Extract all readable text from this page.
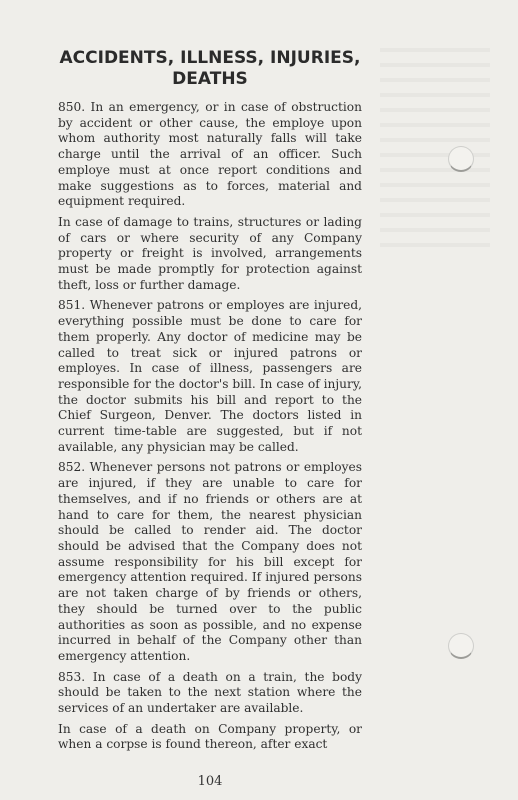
ACCIDENTS, ILLNESS, INJURIES,
DEATHS

850. In an emergency, or in case of obstruction by accident or other cause, the employe upon whom authority most naturally falls will take charge until the arrival of an officer. Such employe must at once report conditions and make suggestions as to forces, material and equipment required.

In case of damage to trains, structures or lading of cars or where security of any Company property or freight is involved, arrangements must be made promptly for protection against theft, loss or further damage.

851. Whenever patrons or employes are injured, everything possible must be done to care for them properly. Any doctor of medicine may be called to treat sick or injured patrons or employes. In case of illness, passengers are responsible for the doctor's bill. In case of injury, the doctor submits his bill and report to the Chief Surgeon, Denver. The doctors listed in current time-table are suggested, but if not available, any physician may be called.

852. Whenever persons not patrons or employes are injured, if they are unable to care for themselves, and if no friends or others are at hand to care for them, the nearest physician should be called to render aid. The doctor should be advised that the Company does not assume responsibility for his bill except for emergency attention required. If injured persons are not taken charge of by friends or others, they should be turned over to the public authorities as soon as possible, and no expense incurred in behalf of the Company other than emergency attention.

853. In case of a death on a train, the body should be taken to the next station where the services of an undertaker are available.

In case of a death on Company property, or when a corpse is found thereon, after exact

104
